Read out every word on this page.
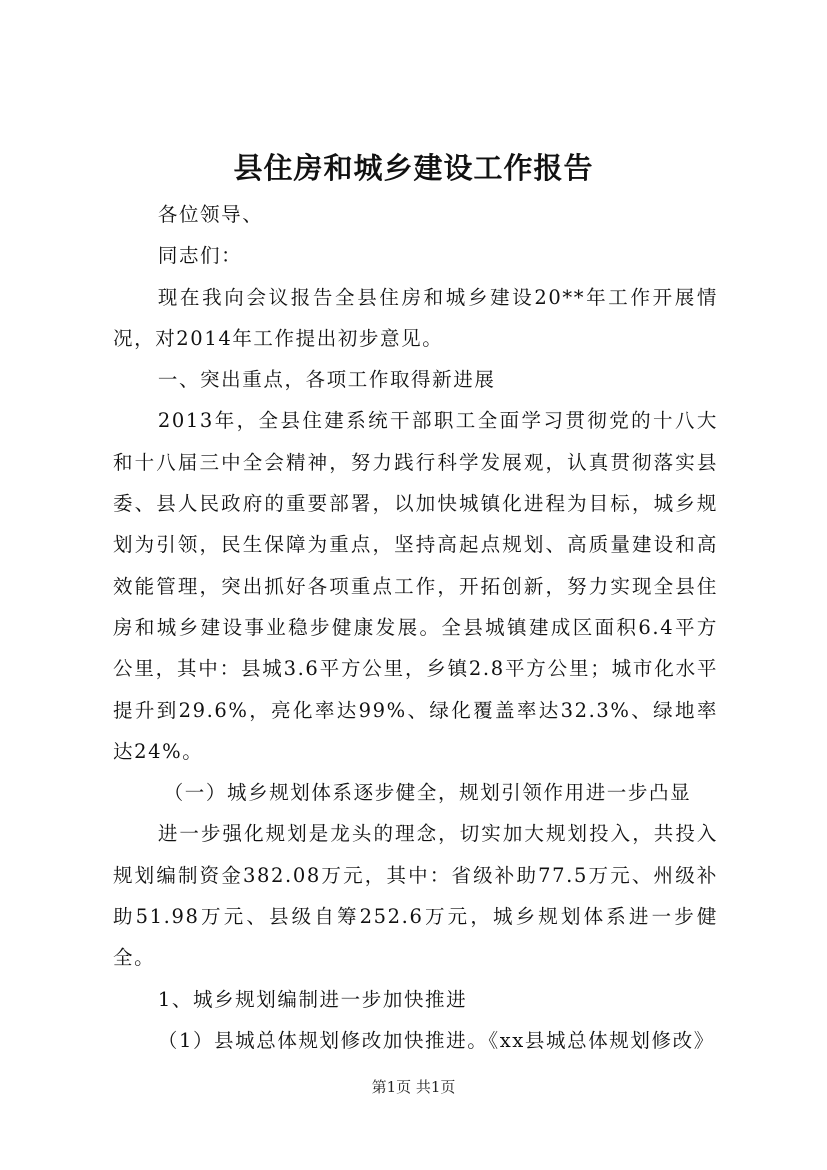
县住房和城乡建设工作报告

各位领导、

同志们：

现在我向会议报告全县住房和城乡建设20**年工作开展情况，对2014年工作提出初步意见。

一、突出重点，各项工作取得新进展

2013年，全县住建系统干部职工全面学习贯彻党的十八大和十八届三中全会精神，努力践行科学发展观，认真贯彻落实县委、县人民政府的重要部署，以加快城镇化进程为目标，城乡规划为引领，民生保障为重点，坚持高起点规划、高质量建设和高效能管理，突出抓好各项重点工作，开拓创新，努力实现全县住房和城乡建设事业稳步健康发展。全县城镇建成区面积6.4平方公里，其中：县城3.6平方公里，乡镇2.8平方公里；城市化水平提升到29.6%，亮化率达99%、绿化覆盖率达32.3%、绿地率达24%。

（一）城乡规划体系逐步健全，规划引领作用进一步凸显

进一步强化规划是龙头的理念，切实加大规划投入，共投入规划编制资金382.08万元，其中：省级补助77.5万元、州级补助51.98万元、县级自筹252.6万元，城乡规划体系进一步健全。

1、城乡规划编制进一步加快推进

（1）县城总体规划修改加快推进。《xx县城总体规划修改》

第1页 共1页
